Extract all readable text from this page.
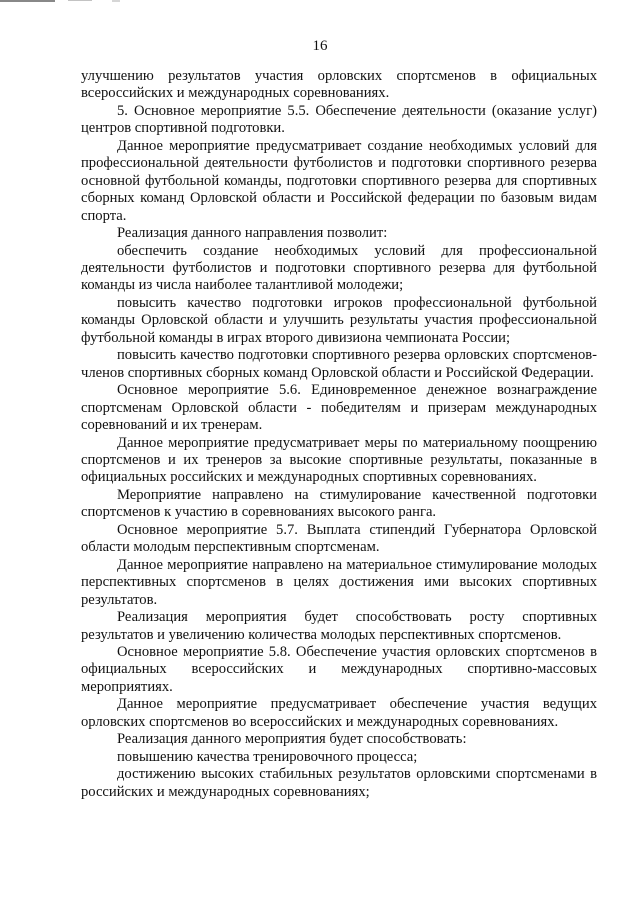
16

улучшению результатов участия орловских спортсменов в официальных всероссийских и международных соревнованиях.

5. Основное мероприятие 5.5. Обеспечение деятельности (оказание услуг) центров спортивной подготовки.

Данное мероприятие предусматривает создание необходимых условий для профессиональной деятельности футболистов и подготовки спортивного резерва основной футбольной команды, подготовки спортивного резерва для спортивных сборных команд Орловской области и Российской федерации по базовым видам спорта.

Реализация данного направления позволит:

обеспечить создание необходимых условий для профессиональной деятельности футболистов и подготовки спортивного резерва для футбольной команды из числа наиболее талантливой молодежи;

повысить качество подготовки игроков профессиональной футбольной команды Орловской области и улучшить результаты участия профессиональной футбольной команды в играх второго дивизиона чемпионата России;

повысить качество подготовки спортивного резерва орловских спортсменов-членов спортивных сборных команд Орловской области и Российской Федерации.

Основное мероприятие 5.6. Единовременное денежное вознаграждение спортсменам Орловской области - победителям и призерам международных соревнований и их тренерам.

Данное мероприятие предусматривает меры по материальному поощрению спортсменов и их тренеров за высокие спортивные результаты, показанные в официальных российских и международных спортивных соревнованиях.

Мероприятие направлено на стимулирование качественной подготовки спортсменов к участию в соревнованиях высокого ранга.

Основное мероприятие 5.7. Выплата стипендий Губернатора Орловской области молодым перспективным спортсменам.

Данное мероприятие направлено на материальное стимулирование молодых перспективных спортсменов в целях достижения ими высоких спортивных результатов.

Реализация мероприятия будет способствовать росту спортивных результатов и увеличению количества молодых перспективных спортсменов.

Основное мероприятие 5.8. Обеспечение участия орловских спортсменов в официальных всероссийских и международных спортивно-массовых мероприятиях.

Данное мероприятие предусматривает обеспечение участия ведущих орловских спортсменов во всероссийских и международных соревнованиях.

Реализация данного мероприятия будет способствовать:

повышению качества тренировочного процесса;

достижению высоких стабильных результатов орловскими спортсменами в российских и международных соревнованиях;
